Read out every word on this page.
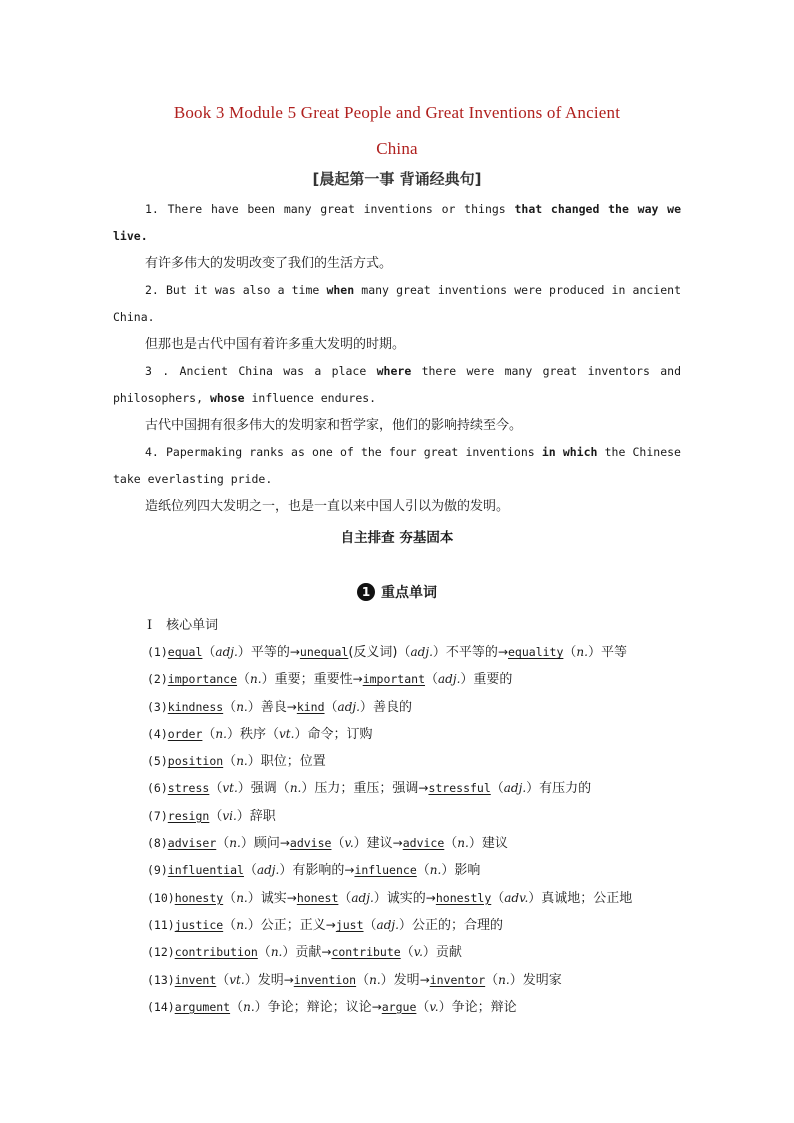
Book 3 Module 5 Great People and Great Inventions of Ancient
China
[晨起第一事 背诵经典句]
1. There have been many great inventions or things that changed the way we live.
有许多伟大的发明改变了我们的生活方式。
2. But it was also a time when many great inventions were produced in ancient China.
但那也是古代中国有着许多重大发明的时期。
3 . Ancient China was a place where there were many great inventors and philosophers, whose influence endures.
古代中国拥有很多伟大的发明家和哲学家，他们的影响持续至今。
4. Papermaking ranks as one of the four great inventions in which the Chinese take everlasting pride.
造纸位列四大发明之一，也是一直以来中国人引以为傲的发明。
自主排查 夯基固本
1 重点单词
Ⅰ 核心单词
(1)equal（adj.）平等的→unequal(反义词)（adj.）不平等的→equality（n.）平等
(2)importance（n.）重要；重要性→important（adj.）重要的
(3)kindness（n.）善良→kind（adj.）善良的
(4)order（n.）秩序（vt.）命令；订购
(5)position（n.）职位；位置
(6)stress（vt.）强调（n.）压力；重压；强调→stressful（adj.）有压力的
(7)resign（vi.）辞职
(8)adviser（n.）顾问→advise（v.）建议→advice（n.）建议
(9)influential（adj.）有影响的→influence（n.）影响
(10)honesty（n.）诚实→honest（adj.）诚实的→honestly（adv.）真诚地；公正地
(11)justice（n.）公正；正义→just（adj.）公正的；合理的
(12)contribution（n.）贡献→contribute（v.）贡献
(13)invent（vt.）发明→invention（n.）发明→inventor（n.）发明家
(14)argument（n.）争论；辩论；议论→argue（v.）争论；辩论
